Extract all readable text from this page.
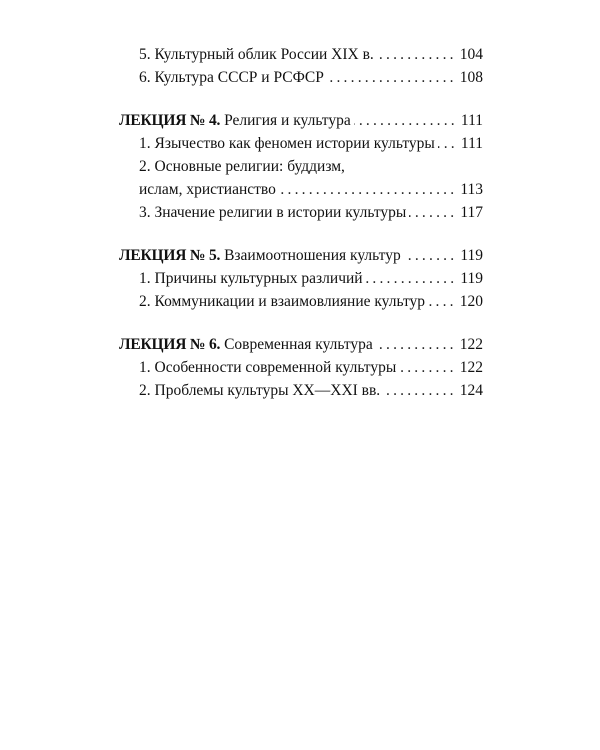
5. Культурный облик России XIX в. .....	104
6. Культура СССР и РСФСР .....	108
ЛЕКЦИЯ № 4. Религия и культура .....	111
1. Язычество как феномен истории культуры ..... 111
2. Основные религии: буддизм,
ислам, христианство .....	113
3. Значение религии в истории культуры .....	117
ЛЕКЦИЯ № 5. Взаимоотношения культур .....	119
1. Причины культурных различий .....	119
2. Коммуникации и взаимовлияние культур ..... 120
ЛЕКЦИЯ № 6. Современная культура .....	122
1. Особенности современной культуры .....	122
2. Проблемы культуры XX—XXI вв. .....	124
